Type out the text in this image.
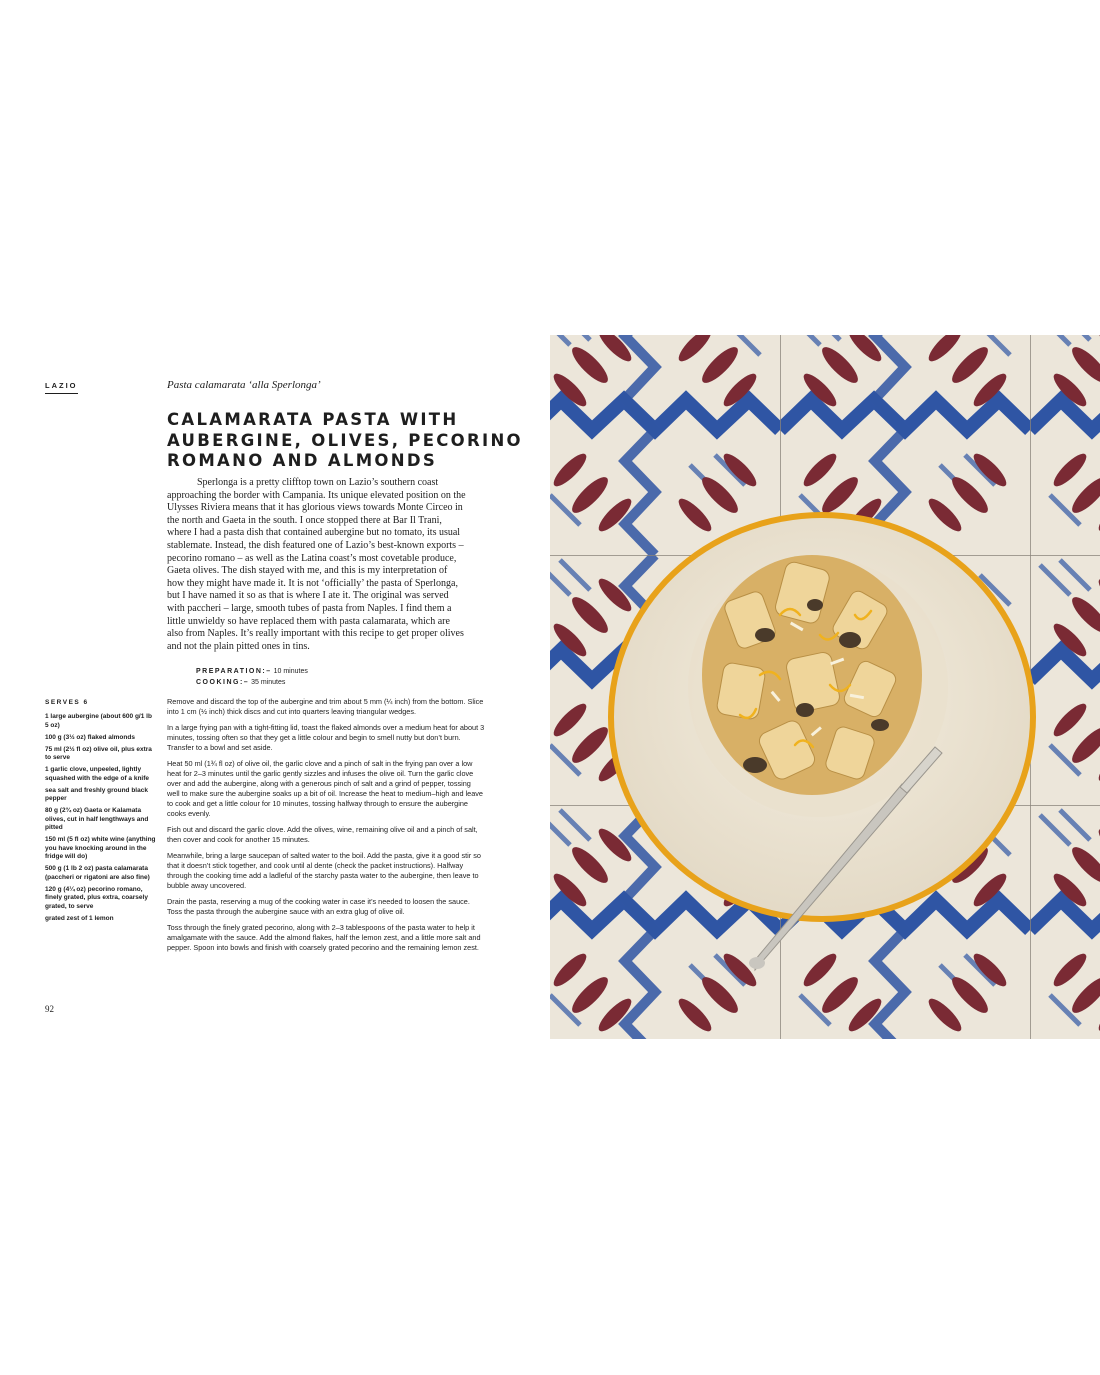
LAZIO	Pasta calamarata ‘alla Sperlonga’
CALAMARATA PASTA WITH AUBERGINE, OLIVES, PECORINO ROMANO AND ALMONDS

Sperlonga is a pretty clifftop town on Lazio’s southern coast approaching the border with Campania. Its unique elevated position on the Ulysses Riviera means that it has glorious views towards Monte Circeo in the north and Gaeta in the south. I once stopped there at Bar Il Trani, where I had a pasta dish that contained aubergine but no tomato, its usual stablemate. Instead, the dish featured one of Lazio’s best-known exports – pecorino romano – as well as the Latina coast’s most covetable produce, Gaeta olives. The dish stayed with me, and this is my interpretation of how they might have made it. It is not ‘officially’ the pasta of Sperlonga, but I have named it so as that is where I ate it. The original was served with paccheri – large, smooth tubes of pasta from Naples. I find them a little unwieldy so have replaced them with pasta calamarata, which are also from Naples. It’s really important with this recipe to get proper olives and not the plain pitted ones in tins.

PREPARATION:– 10 minutes
COOKING:– 35 minutes
SERVES 6
1 large aubergine (about 600 g/1 lb 5 oz)
100 g (3½ oz) flaked almonds
75 ml (2½ fl oz) olive oil, plus extra to serve
1 garlic clove, unpeeled, lightly squashed with the edge of a knife
sea salt and freshly ground black pepper
80 g (2¾ oz) Gaeta or Kalamata olives, cut in half lengthways and pitted
150 ml (5 fl oz) white wine (anything you have knocking around in the fridge will do)
500 g (1 lb 2 oz) pasta calamarata (paccheri or rigatoni are also fine)
120 g (4¼ oz) pecorino romano, finely grated, plus extra, coarsely grated, to serve
grated zest of 1 lemon

Remove and discard the top of the aubergine and trim about 5 mm (¼ inch) from the bottom. Slice into 1 cm (½ inch) thick discs and cut into quarters leaving triangular wedges.

In a large frying pan with a tight-fitting lid, toast the flaked almonds over a medium heat for about 3 minutes, tossing often so that they get a little colour and begin to smell nutty but don’t burn. Transfer to a bowl and set aside.

Heat 50 ml (1¾ fl oz) of olive oil, the garlic clove and a pinch of salt in the frying pan over a low heat for 2–3 minutes until the garlic gently sizzles and infuses the olive oil. Turn the garlic clove over and add the aubergine, along with a generous pinch of salt and a grind of pepper, tossing well to make sure the aubergine soaks up a bit of oil. Increase the heat to medium–high and leave to cook and get a little colour for 10 minutes, tossing halfway through to ensure the aubergine cooks evenly.

Fish out and discard the garlic clove. Add the olives, wine, remaining olive oil and a pinch of salt, then cover and cook for another 15 minutes.

Meanwhile, bring a large saucepan of salted water to the boil. Add the pasta, give it a good stir so that it doesn’t stick together, and cook until al dente (check the packet instructions). Halfway through the cooking time add a ladleful of the starchy pasta water to the aubergine, then leave to bubble away uncovered.

Drain the pasta, reserving a mug of the cooking water in case it’s needed to loosen the sauce. Toss the pasta through the aubergine sauce with an extra glug of olive oil.

Toss through the finely grated pecorino, along with 2–3 tablespoons of the pasta water to help it amalgamate with the sauce. Add the almond flakes, half the lemon zest, and a little more salt and pepper. Spoon into bowls and finish with coarsely grated pecorino and the remaining lemon zest.

92
